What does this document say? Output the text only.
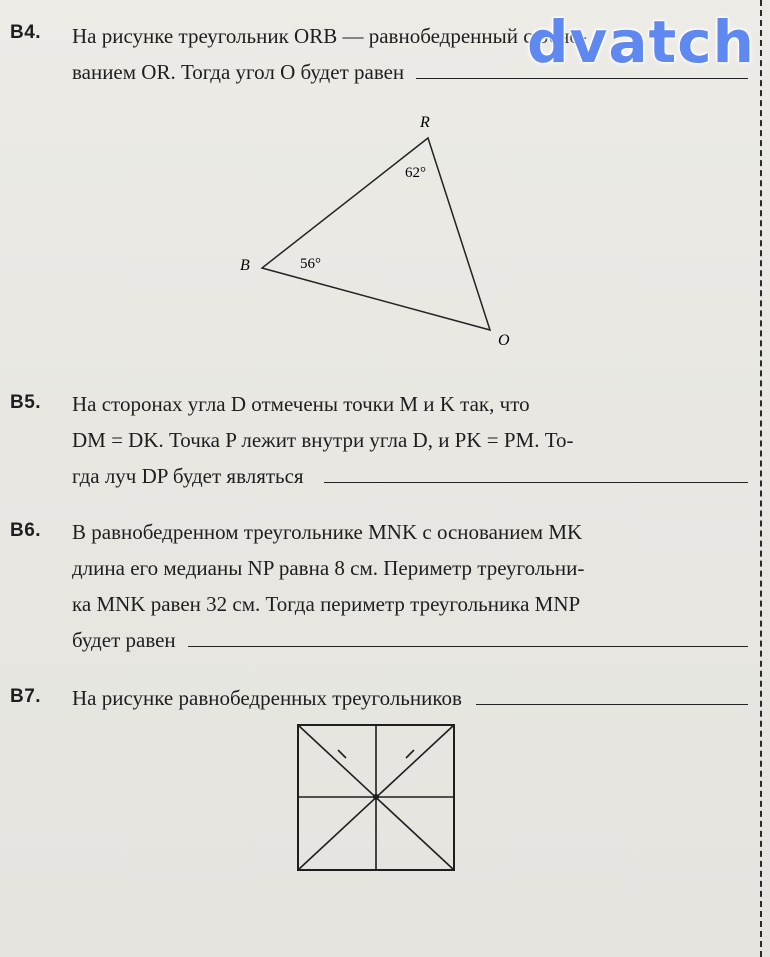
B4. На рисунке треугольник ORB — равнобедренный с осно-
ванием OR. Тогда угол O будет равен
R
B
O
62°
56°
B5. На сторонах угла D отмечены точки M и K так, что
DM = DK. Точка P лежит внутри угла D, и PK = PM. То-
гда луч DP будет являться
B6. В равнобедренном треугольнике MNK с основанием MK
длина его медианы NP равна 8 см. Периметр треугольни-
ка MNK равен 32 см. Тогда периметр треугольника MNP
будет равен
B7. На рисунке равнобедренных треугольников
dvatch
